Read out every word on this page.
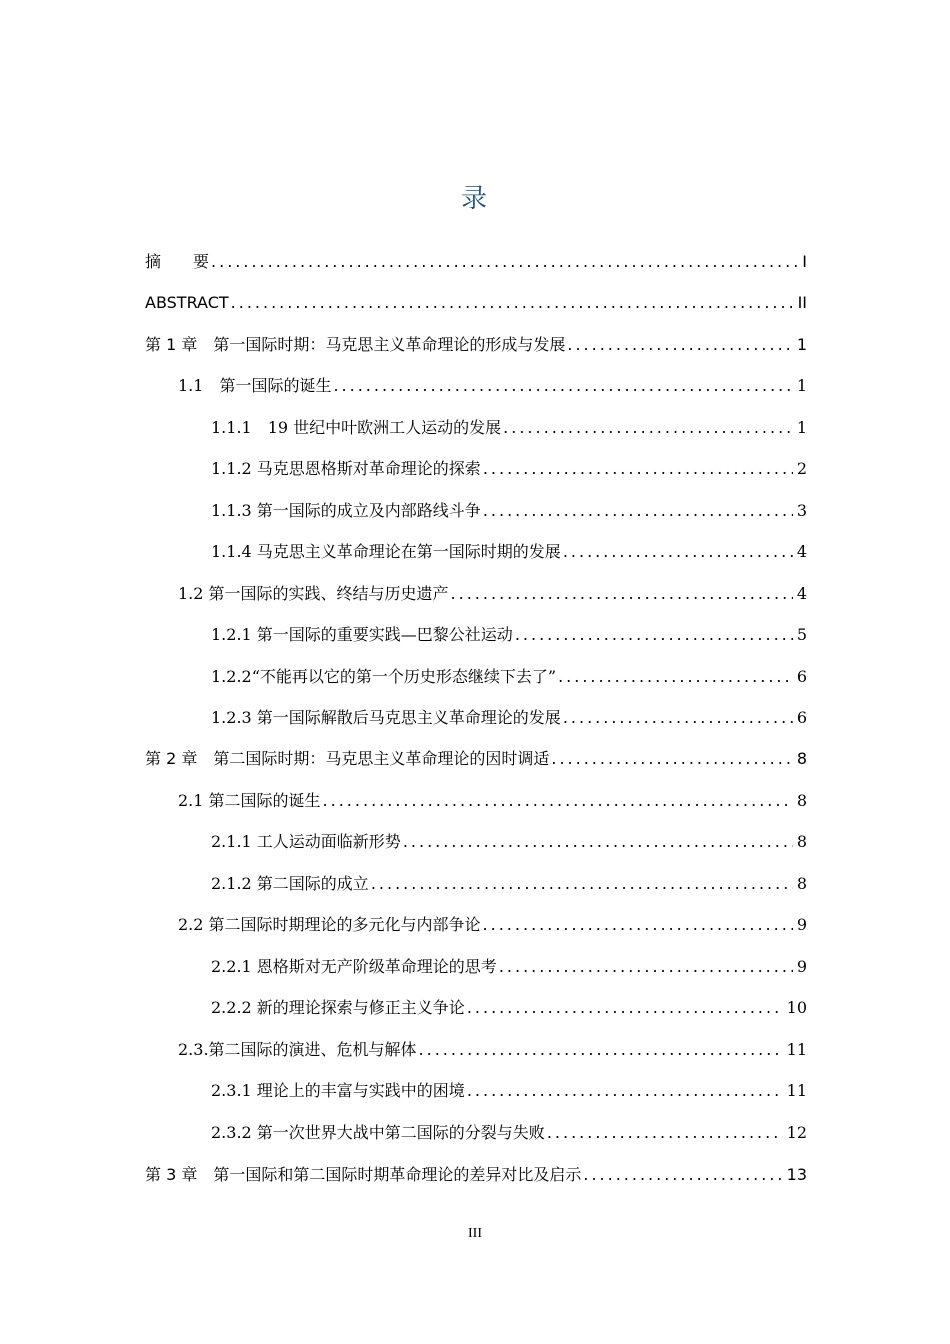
录
摘　　要 .....	I
ABSTRACT .....	II
第 1 章　第一国际时期：马克思主义革命理论的形成与发展 .....	1
1.1　第一国际的诞生 .....	1
1.1.1　19 世纪中叶欧洲工人运动的发展 .....	1
1.1.2 马克思恩格斯对革命理论的探索 .....	2
1.1.3 第一国际的成立及内部路线斗争 .....	3
1.1.4 马克思主义革命理论在第一国际时期的发展 .....	4
1.2 第一国际的实践、终结与历史遗产 .....	4
1.2.1 第一国际的重要实践—巴黎公社运动 .....	5
1.2.2“不能再以它的第一个历史形态继续下去了” .....	6
1.2.3 第一国际解散后马克思主义革命理论的发展 .....	6
第 2 章　第二国际时期：马克思主义革命理论的因时调适 .....	8
2.1 第二国际的诞生 .....	8
2.1.1 工人运动面临新形势 .....	8
2.1.2 第二国际的成立 .....	8
2.2 第二国际时期理论的多元化与内部争论 .....	9
2.2.1 恩格斯对无产阶级革命理论的思考 .....	9
2.2.2 新的理论探索与修正主义争论 .....	10
2.3.第二国际的演进、危机与解体 .....	11
2.3.1 理论上的丰富与实践中的困境 .....	11
2.3.2 第一次世界大战中第二国际的分裂与失败 .....	12
第 3 章　第一国际和第二国际时期革命理论的差异对比及启示 .....	13
III
